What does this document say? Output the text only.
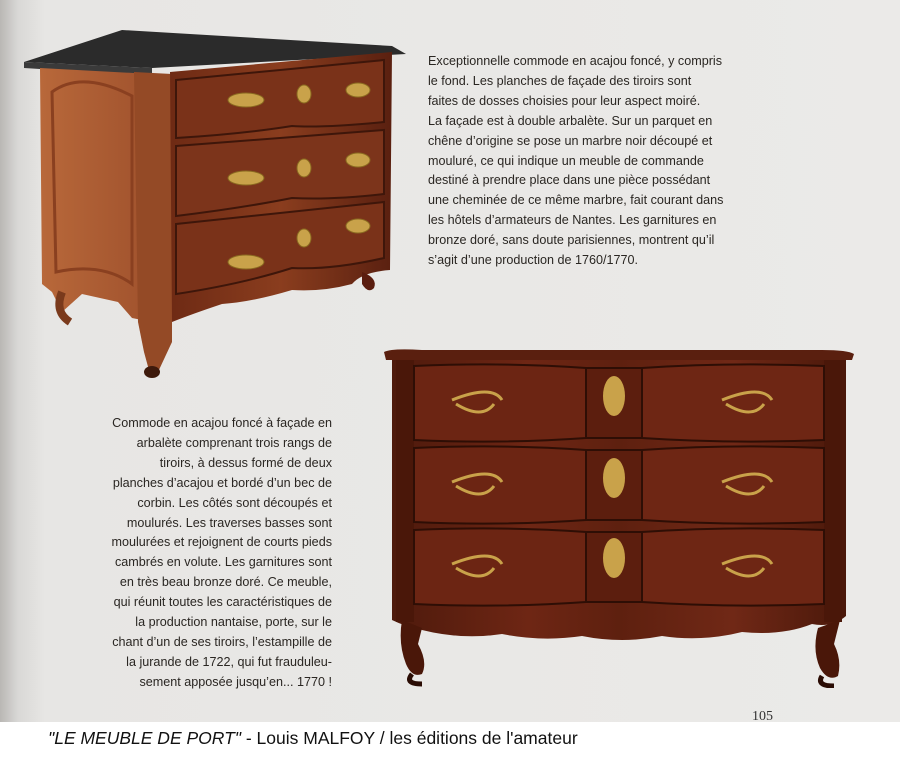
Exceptionnelle commode en acajou foncé, y compris
le fond. Les planches de façade des tiroirs sont
faites de dosses choisies pour leur aspect moiré.
La façade est à double arbalète. Sur un parquet en
chêne d’origine se pose un marbre noir découpé et
mouluré, ce qui indique un meuble de commande
destiné à prendre place dans une pièce possédant
une cheminée de ce même marbre, fait courant dans
les hôtels d’armateurs de Nantes. Les garnitures en
bronze doré, sans doute parisiennes, montrent qu’il
s’agit d’une production de 1760/1770.
Commode en acajou foncé à façade en
arbalète comprenant trois rangs de
tiroirs, à dessus formé de deux
planches d’acajou et bordé d’un bec de
corbin. Les côtés sont découpés et
moulurés. Les traverses basses sont
moulurées et rejoignent de courts pieds
cambrés en volute. Les garnitures sont
en très beau bronze doré. Ce meuble,
qui réunit toutes les caractéristiques de
la production nantaise, porte, sur le
chant d’un de ses tiroirs, l’estampille de
la jurande de 1722, qui fut frauduleu-
sement apposée jusqu’en... 1770 !
105
"LE MEUBLE DE PORT" - Louis MALFOY / les éditions de l'amateur
